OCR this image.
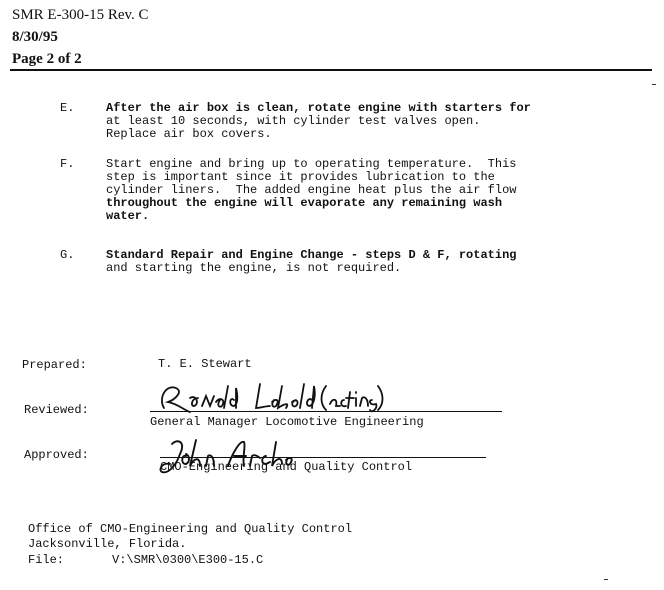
SMR E-300-15 Rev. C
8/30/95
Page 2 of 2
E.	After the air box is clean, rotate engine with starters for
at least 10 seconds, with cylinder test valves open.
Replace air box covers.
F.	Start engine and bring up to operating temperature.  This
step is important since it provides lubrication to the
cylinder liners.  The added engine heat plus the air flow
throughout the engine will evaporate any remaining wash
water.
G.	Standard Repair and Engine Change - steps D & F, rotating
and starting the engine, is not required.
Prepared:	T. E. Stewart
Reviewed:
Ronald Lebold (acting)
General Manager Locomotive Engineering
Approved:
John Archer
CMO-Engineering and Quality Control
Office of CMO-Engineering and Quality Control
Jacksonville, Florida.
File:	V:\SMR\0300\E300-15.C
